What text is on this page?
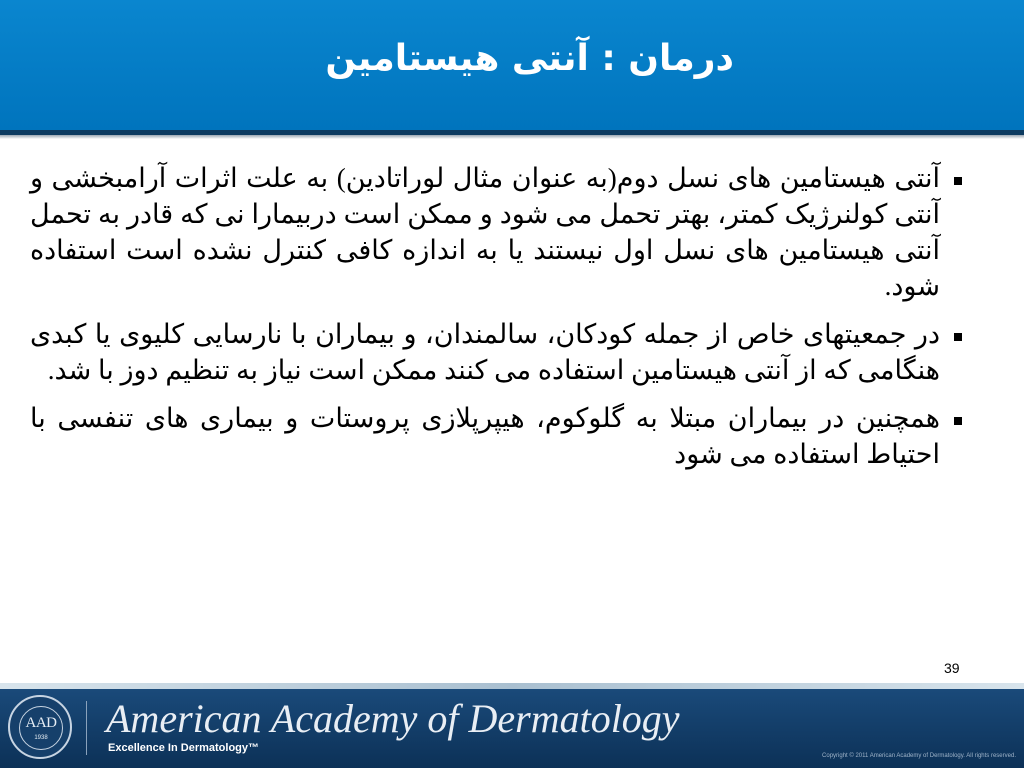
درمان : آنتی هیستامین
آنتی هیستامین های نسل دوم(به عنوان مثال لوراتادین) به علت اثرات آرامبخشی و آنتی کولنرژیک کمتر، بهتر تحمل می شود و ممکن است دربیمارا نی که قادر به تحمل آنتی هیستامین های نسل اول نیستند یا به اندازه کافی کنترل نشده است استفاده شود.
در جمعیتهای خاص از جمله کودکان، سالمندان، و بیماران با نارسایی کلیوی یا کبدی هنگامی که از آنتی هیستامین استفاده می کنند ممکن است نیاز به تنظیم دوز با شد.
همچنین در بیماران مبتلا به گلوکوم، هیپرپلازی پروستات و بیماری های تنفسی با احتیاط استفاده می شود
39
AAD
1938	American Academy of Dermatology
Excellence In Dermatology™
Copyright © 2011 American Academy of Dermatology. All rights reserved.
